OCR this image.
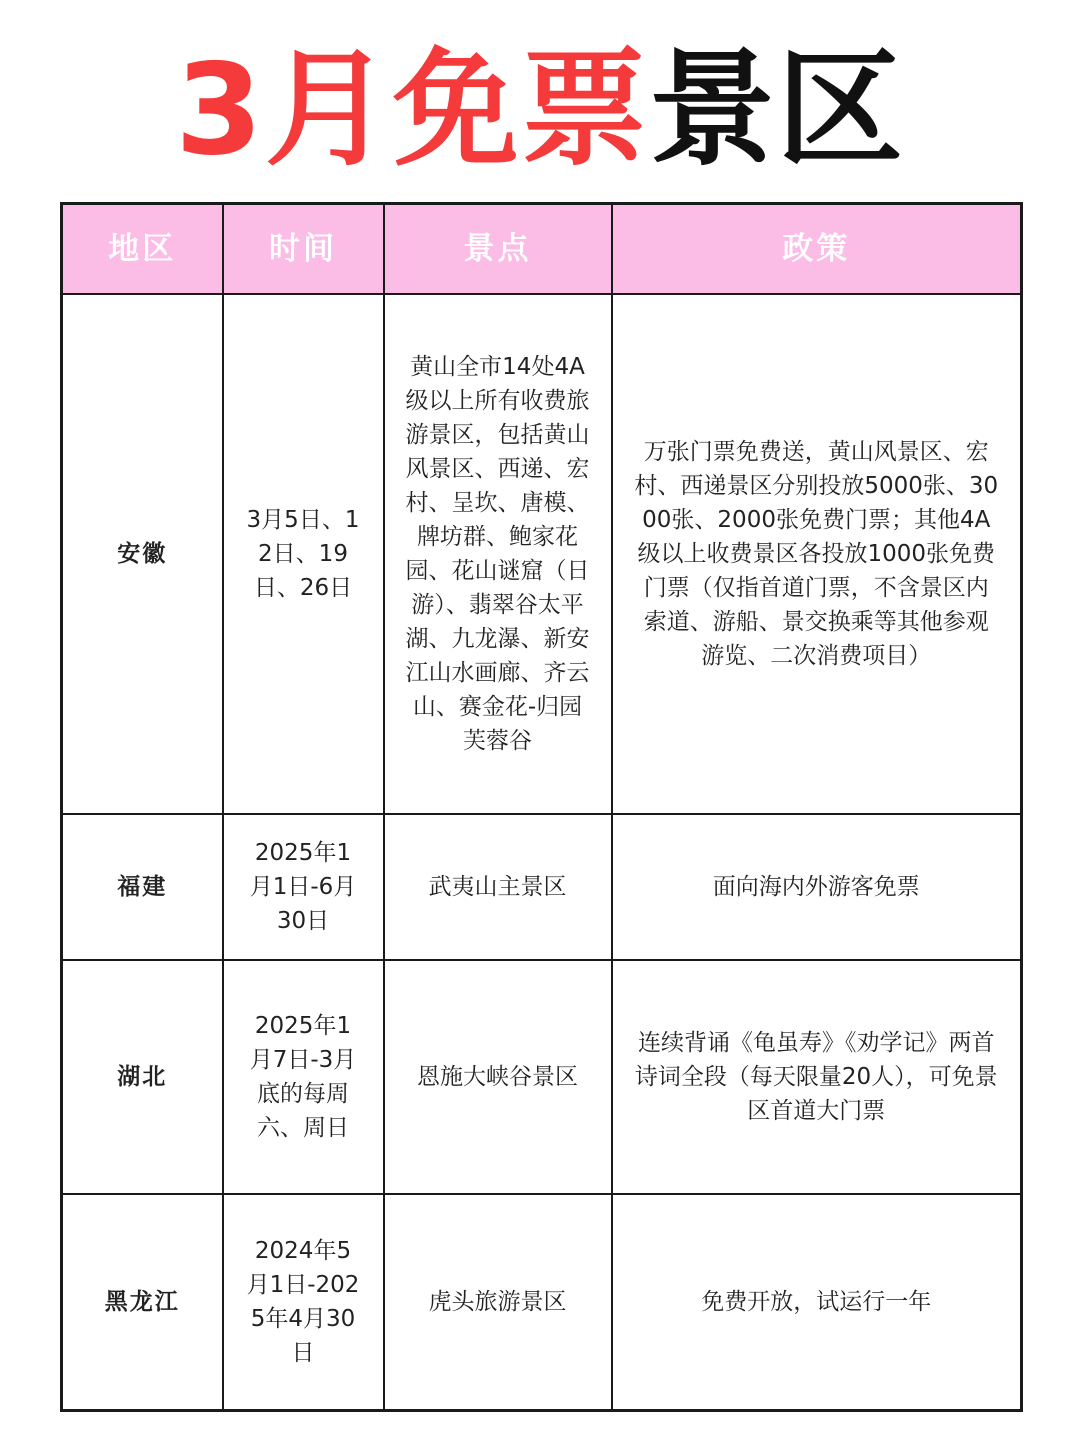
3月免票景区
地区	时间	景点	政策
安徽	3月5日、12日、19日、26日	黄山全市14处4A级以上所有收费旅游景区，包括黄山风景区、西递、宏村、呈坎、唐模、牌坊群、鲍家花园、花山谜窟（日游）、翡翠谷太平湖、九龙瀑、新安江山水画廊、齐云山、赛金花-归园芙蓉谷	万张门票免费送，黄山风景区、宏村、西递景区分别投放5000张、3000张、2000张免费门票；其他4A级以上收费景区各投放1000张免费门票（仅指首道门票，不含景区内索道、游船、景交换乘等其他参观游览、二次消费项目）
福建	2025年1月1日-6月30日	武夷山主景区	面向海内外游客免票
湖北	2025年1月7日-3月底的每周六、周日	恩施大峡谷景区	连续背诵《龟虽寿》《劝学记》两首诗词全段（每天限量20人），可免景区首道大门票
黑龙江	2024年5月1日-2025年4月30日	虎头旅游景区	免费开放，试运行一年
